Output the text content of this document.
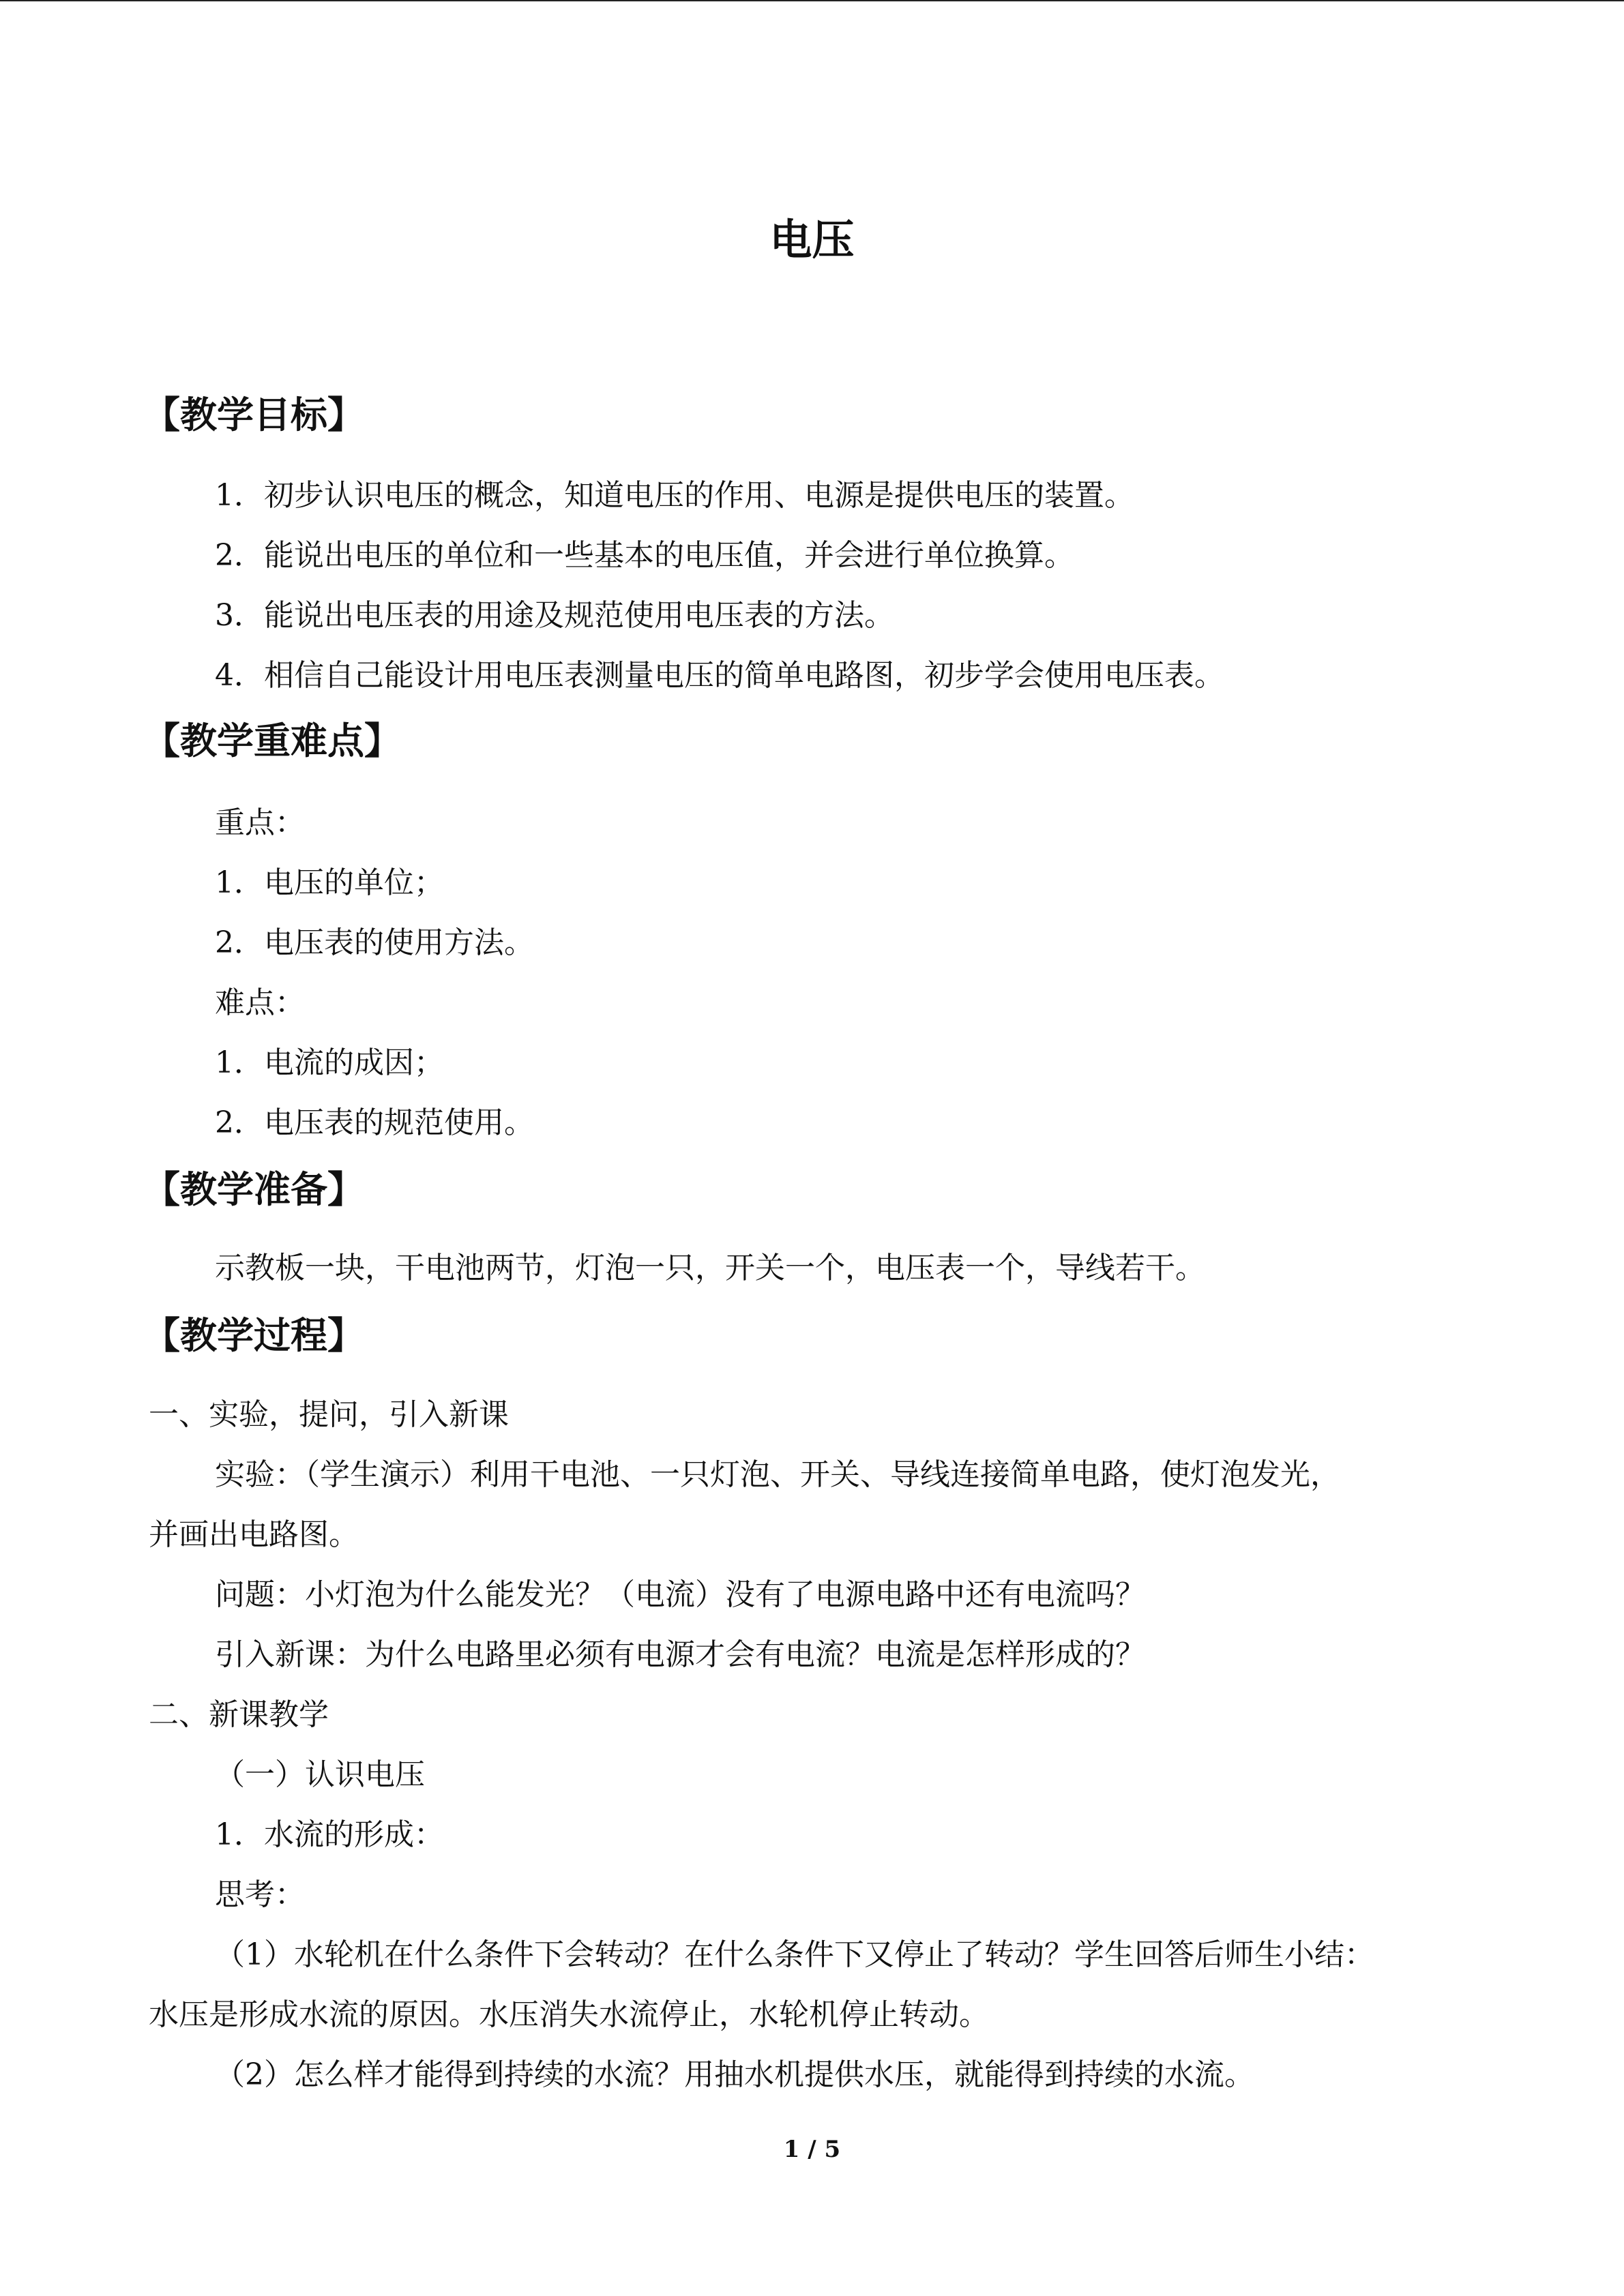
电压
【教学目标】
1．初步认识电压的概念，知道电压的作用、电源是提供电压的装置。
2．能说出电压的单位和一些基本的电压值，并会进行单位换算。
3．能说出电压表的用途及规范使用电压表的方法。
4．相信自己能设计用电压表测量电压的简单电路图，初步学会使用电压表。
【教学重难点】
重点：
1．电压的单位；
2．电压表的使用方法。
难点：
1．电流的成因；
2．电压表的规范使用。
【教学准备】
示教板一块，干电池两节，灯泡一只，开关一个，电压表一个，导线若干。
【教学过程】
一、实验，提问，引入新课
实验：（学生演示）利用干电池、一只灯泡、开关、导线连接简单电路，使灯泡发光，
并画出电路图。
问题：小灯泡为什么能发光？（电流）没有了电源电路中还有电流吗？
引入新课：为什么电路里必须有电源才会有电流？电流是怎样形成的？
二、新课教学
（一）认识电压
1．水流的形成：
思考：
（1）水轮机在什么条件下会转动？在什么条件下又停止了转动？学生回答后师生小结：
水压是形成水流的原因。水压消失水流停止，水轮机停止转动。
（2）怎么样才能得到持续的水流？用抽水机提供水压，就能得到持续的水流。
1 / 5
